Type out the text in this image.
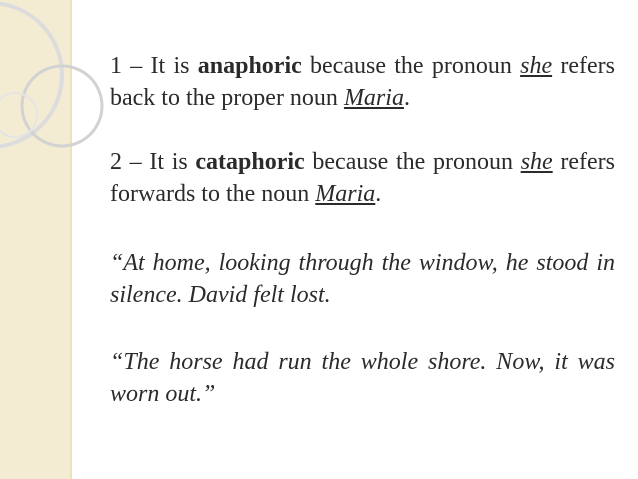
1 – It is anaphoric because the pronoun she refers back to the proper noun Maria.
2 – It is cataphoric because the pronoun she refers forwards to the noun Maria.
“At home, looking through the window, he stood in silence. David felt lost.
“The horse had run the whole shore. Now, it was worn out.”
